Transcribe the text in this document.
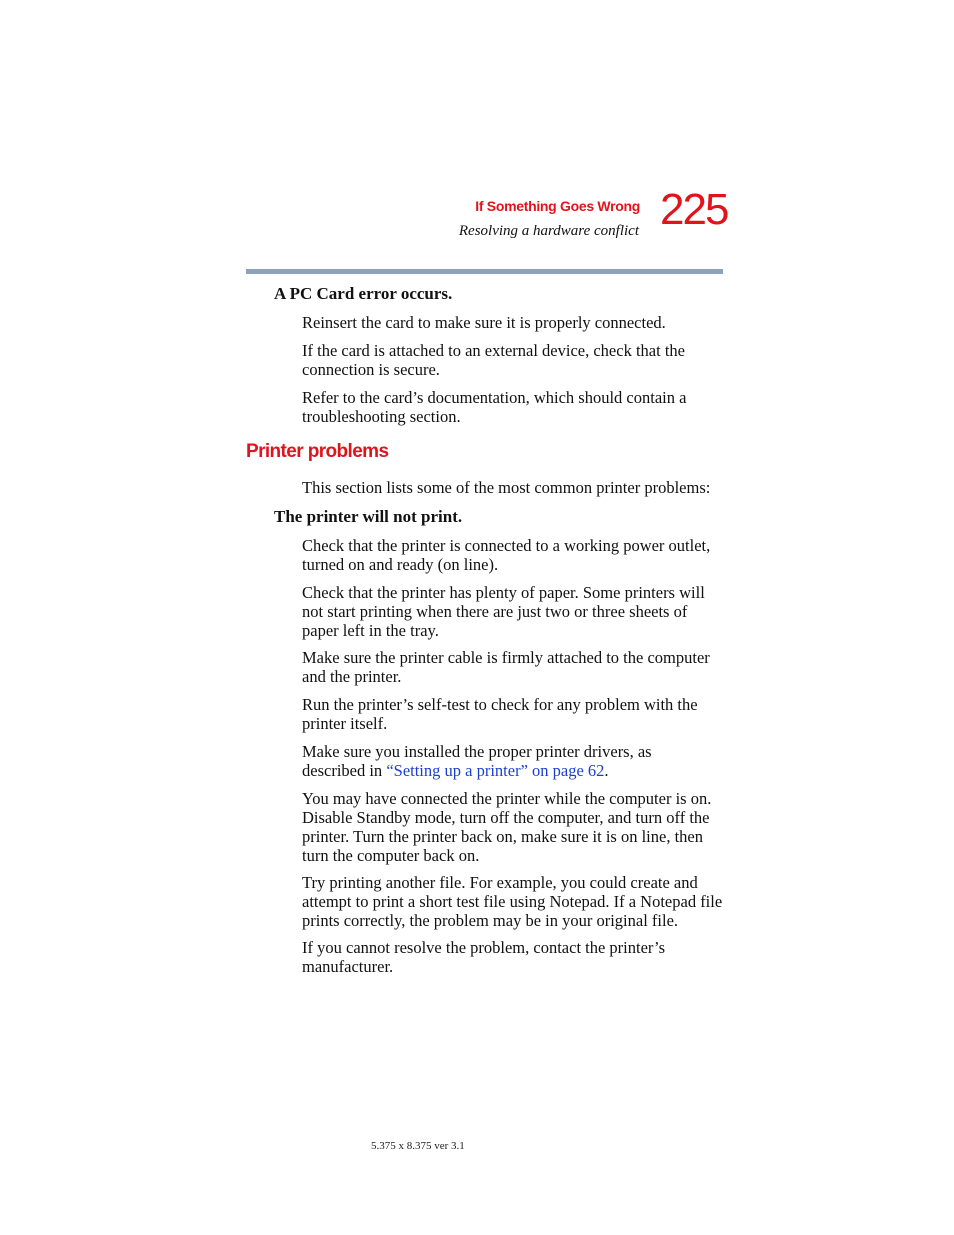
If Something Goes Wrong
Resolving a hardware conflict 225
A PC Card error occurs.
Reinsert the card to make sure it is properly connected.
If the card is attached to an external device, check that the connection is secure.
Refer to the card’s documentation, which should contain a troubleshooting section.
Printer problems
This section lists some of the most common printer problems:
The printer will not print.
Check that the printer is connected to a working power outlet, turned on and ready (on line).
Check that the printer has plenty of paper. Some printers will not start printing when there are just two or three sheets of paper left in the tray.
Make sure the printer cable is firmly attached to the computer and the printer.
Run the printer’s self-test to check for any problem with the printer itself.
Make sure you installed the proper printer drivers, as described in “Setting up a printer” on page 62.
You may have connected the printer while the computer is on. Disable Standby mode, turn off the computer, and turn off the printer. Turn the printer back on, make sure it is on line, then turn the computer back on.
Try printing another file. For example, you could create and attempt to print a short test file using Notepad. If a Notepad file prints correctly, the problem may be in your original file.
If you cannot resolve the problem, contact the printer’s manufacturer.
5.375 x 8.375 ver 3.1
